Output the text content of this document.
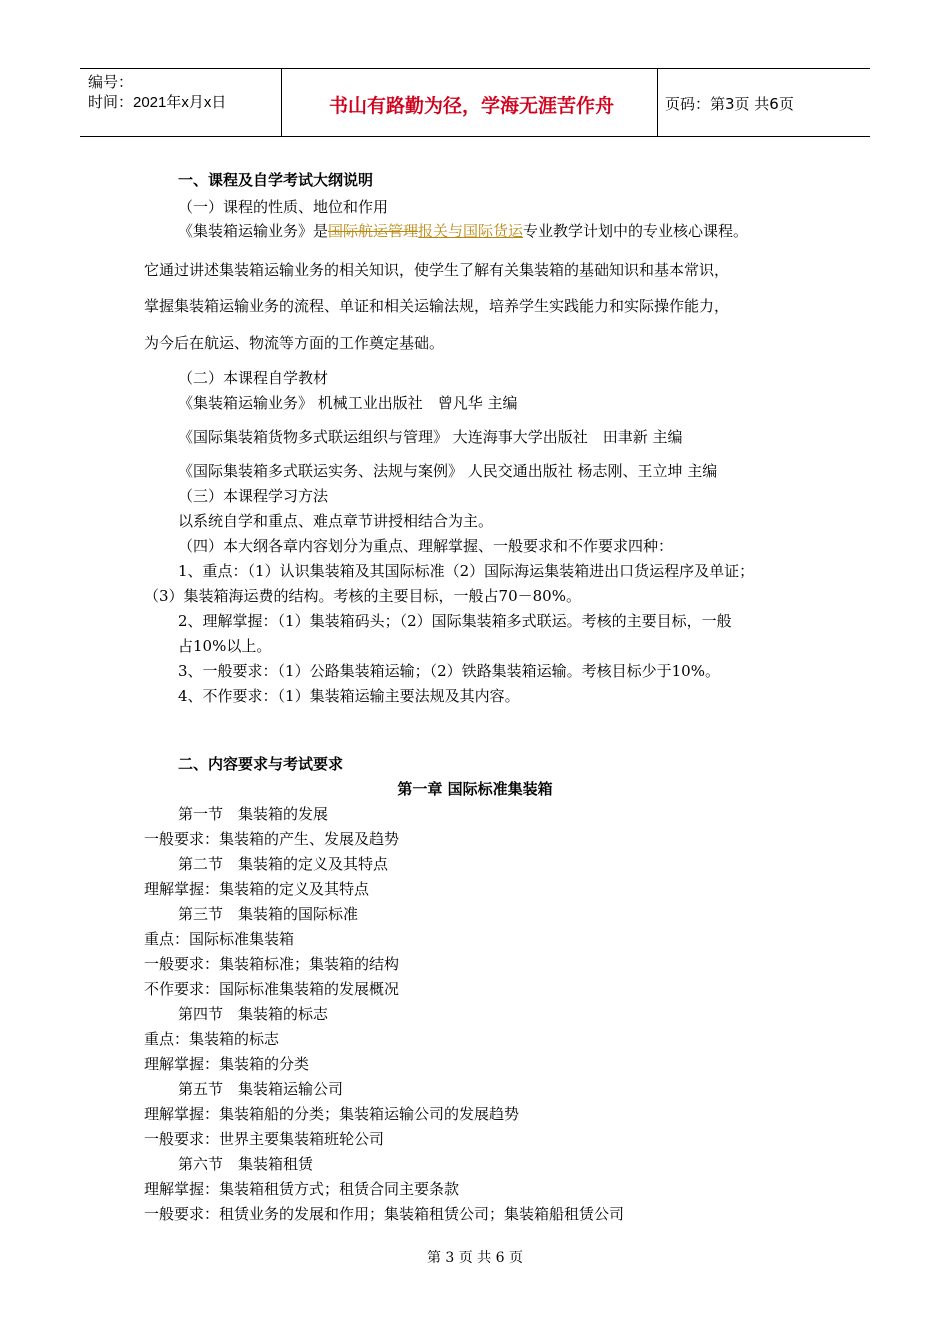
编号：
时间：2021年x月x日	书山有路勤为径，学海无涯苦作舟	页码：第3页 共6页
一、课程及自学考试大纲说明
（一）课程的性质、地位和作用
《集装箱运输业务》是国际航运管理报关与国际货运专业教学计划中的专业核心课程。
它通过讲述集装箱运输业务的相关知识，使学生了解有关集装箱的基础知识和基本常识，
掌握集装箱运输业务的流程、单证和相关运输法规，培养学生实践能力和实际操作能力，
为今后在航运、物流等方面的工作奠定基础。
（二）本课程自学教材
《集装箱运输业务》 机械工业出版社　曾凡华 主编
《国际集装箱货物多式联运组织与管理》 大连海事大学出版社　田聿新 主编
《国际集装箱多式联运实务、法规与案例》 人民交通出版社 杨志刚、王立坤 主编
（三）本课程学习方法
以系统自学和重点、难点章节讲授相结合为主。
（四）本大纲各章内容划分为重点、理解掌握、一般要求和不作要求四种：
1、重点：（1）认识集装箱及其国际标准（2）国际海运集装箱进出口货运程序及单证；
（3）集装箱海运费的结构。考核的主要目标，一般占70－80%。
2、理解掌握：（1）集装箱码头；（2）国际集装箱多式联运。考核的主要目标，一般
占10%以上。
3、一般要求：（1）公路集装箱运输；（2）铁路集装箱运输。考核目标少于10%。
4、不作要求：（1）集装箱运输主要法规及其内容。
二、内容要求与考试要求
第一章 国际标准集装箱
第一节　集装箱的发展
一般要求：集装箱的产生、发展及趋势
第二节　集装箱的定义及其特点
理解掌握：集装箱的定义及其特点
第三节　集装箱的国际标准
重点：国际标准集装箱
一般要求：集装箱标准；集装箱的结构
不作要求：国际标准集装箱的发展概况
第四节　集装箱的标志
重点：集装箱的标志
理解掌握：集装箱的分类
第五节　集装箱运输公司
理解掌握：集装箱船的分类；集装箱运输公司的发展趋势
一般要求：世界主要集装箱班轮公司
第六节　集装箱租赁
理解掌握：集装箱租赁方式；租赁合同主要条款
一般要求：租赁业务的发展和作用；集装箱租赁公司；集装箱船租赁公司
第 3 页 共 6 页
